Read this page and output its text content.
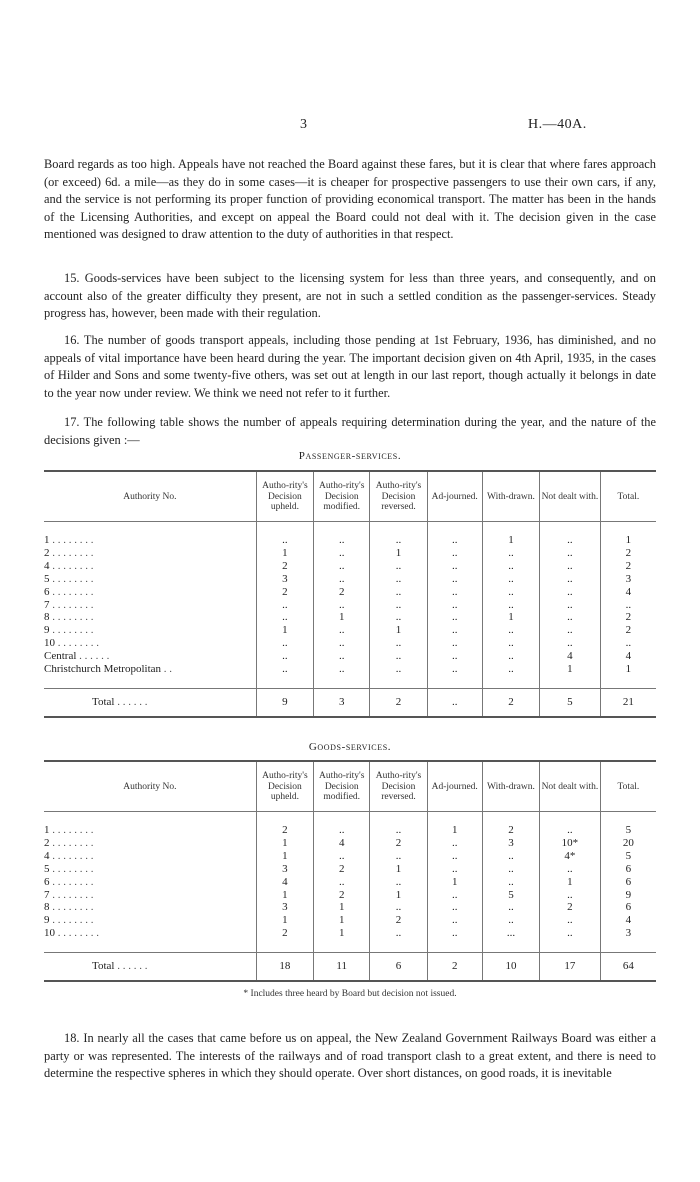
3	H.—40A.

Board regards as too high. Appeals have not reached the Board against these fares, but it is clear that where fares approach (or exceed) 6d. a mile—as they do in some cases—it is cheaper for prospective passengers to use their own cars, if any, and the service is not performing its proper function of providing economical transport. The matter has been in the hands of the Licensing Authorities, and except on appeal the Board could not deal with it. The decision given in the case mentioned was designed to draw attention to the duty of authorities in that respect.

15. Goods-services have been subject to the licensing system for less than three years, and consequently, and on account also of the greater difficulty they present, are not in such a settled condition as the passenger-services. Steady progress has, however, been made with their regulation.

16. The number of goods transport appeals, including those pending at 1st February, 1936, has diminished, and no appeals of vital importance have been heard during the year. The important decision given on 4th April, 1935, in the cases of Hilder and Sons and some twenty-five others, was set out at length in our last report, though actually it belongs in date to the year now under review. We think we need not refer to it further.

17. The following table shows the number of appeals requiring determination during the year, and the nature of the decisions given :—

Passenger-services.
Authority No.	Autho-rity's Decision upheld.	Autho-rity's Decision modified.	Autho-rity's Decision reversed.	Ad-journed.	With-drawn.	Not dealt with.	Total.

1 . . . . . . . .	..	..	..	..	1	..	1
2 . . . . . . . .	1	..	1	..	..	..	2
4 . . . . . . . .	2	..	..	..	..	..	2
5 . . . . . . . .	3	..	..	..	..	..	3
6 . . . . . . . .	2	2	..	..	..	..	4
7 . . . . . . . .	..	..	..	..	..	..	..
8 . . . . . . . .	..	1	..	..	1	..	2
9 . . . . . . . .	1	..	1	..	..	..	2
10 . . . . . . . .	..	..	..	..	..	..	..
Central . . . . . .	..	..	..	..	..	4	4
Christchurch Metropolitan . .	..	..	..	..	..	1	1

Total . . . . . .	9	3	2	..	2	5	21
Goods-services.
Authority No.	Autho-rity's Decision upheld.	Autho-rity's Decision modified.	Autho-rity's Decision reversed.	Ad-journed.	With-drawn.	Not dealt with.	Total.

1 . . . . . . . .	2	..	..	1	2	..	5
2 . . . . . . . .	1	4	2	..	3	10*	20
4 . . . . . . . .	1	..	..	..	..	4*	5
5 . . . . . . . .	3	2	1	..	..	..	6
6 . . . . . . . .	4	..	..	1	..	1	6
7 . . . . . . . .	1	2	1	..	5	..	9
8 . . . . . . . .	3	1	..	..	..	2	6
9 . . . . . . . .	1	1	2	..	..	..	4
10 . . . . . . . .	2	1	..	..	...	..	3

Total . . . . . .	18	11	6	2	10	17	64
* Includes three heard by Board but decision not issued.

18. In nearly all the cases that came before us on appeal, the New Zealand Government Railways Board was either a party or was represented. The interests of the railways and of road transport clash to a great extent, and there is need to determine the respective spheres in which they should operate. Over short distances, on good roads, it is inevitable
